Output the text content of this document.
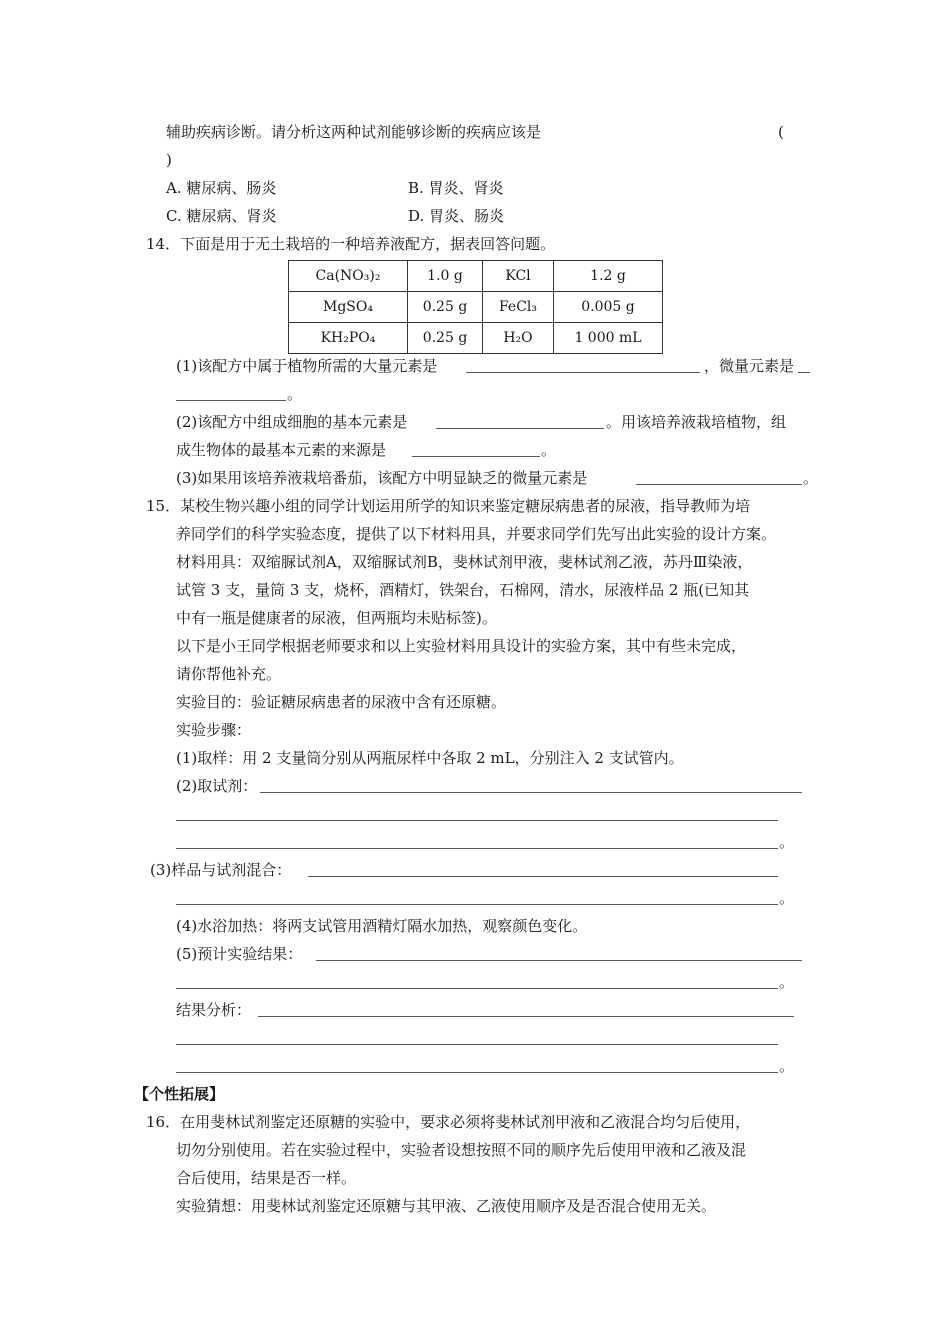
辅助疾病诊断。请分析这两种试剂能够诊断的疾病应该是	(
)
A. 糖尿病、肠炎	B. 胃炎、肾炎
C. 糖尿病、肾炎	D. 胃炎、肠炎
14．下面是用于无土栽培的一种培养液配方，据表回答问题。
Ca(NO₃)₂	1.0 g	KCl	1.2 g
MgSO₄	0.25 g	FeCl₃	0.005 g
KH₂PO₄	0.25 g	H₂O	1 000 mL
(1)该配方中属于植物所需的大量元素是	，微量元素是
。
(2)该配方中组成细胞的基本元素是	。用该培养液栽培植物，组
成生物体的最基本元素的来源是	。
(3)如果用该培养液栽培番茄，该配方中明显缺乏的微量元素是	。
15．某校生物兴趣小组的同学计划运用所学的知识来鉴定糖尿病患者的尿液，指导教师为培
养同学们的科学实验态度，提供了以下材料用具，并要求同学们先写出此实验的设计方案。
材料用具：双缩脲试剂A，双缩脲试剂B，斐林试剂甲液，斐林试剂乙液，苏丹Ⅲ染液，
试管 3 支，量筒 3 支，烧杯，酒精灯，铁架台，石棉网，清水，尿液样品 2 瓶(已知其
中有一瓶是健康者的尿液，但两瓶均未贴标签)。
以下是小王同学根据老师要求和以上实验材料用具设计的实验方案，其中有些未完成，
请你帮他补充。
实验目的：验证糖尿病患者的尿液中含有还原糖。
实验步骤：
(1)取样：用 2 支量筒分别从两瓶尿样中各取 2 mL，分别注入 2 支试管内。
(2)取试剂：
。
(3)样品与试剂混合：
。
(4)水浴加热：将两支试管用酒精灯隔水加热，观察颜色变化。
(5)预计实验结果：
。
结果分析：
。
【个性拓展】
16．在用斐林试剂鉴定还原糖的实验中，要求必须将斐林试剂甲液和乙液混合均匀后使用，
切勿分别使用。若在实验过程中，实验者设想按照不同的顺序先后使用甲液和乙液及混
合后使用，结果是否一样。
实验猜想：用斐林试剂鉴定还原糖与其甲液、乙液使用顺序及是否混合使用无关。
